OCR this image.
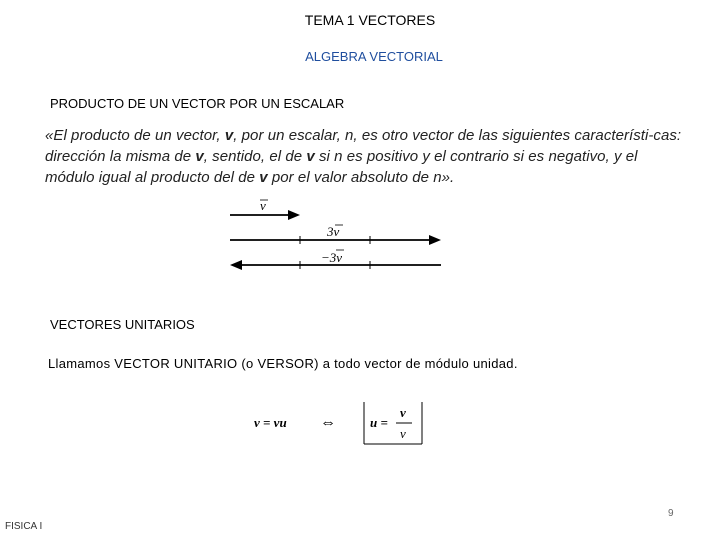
TEMA 1 VECTORES
ALGEBRA VECTORIAL
PRODUCTO DE UN VECTOR POR UN ESCALAR
«El producto de un vector, v, por un escalar, n, es otro vector de las siguientes característi-cas: dirección la misma de v, sentido, el de v si n es positivo y el contrario si es negativo, y el módulo igual al producto del de v por el valor absoluto de n».
v
3v
−3v
VECTORES UNITARIOS
Llamamos VECTOR UNITARIO (o VERSOR) a todo vector de módulo unidad.
v = vu ⇔	u =
v
v
FISICA I
9
